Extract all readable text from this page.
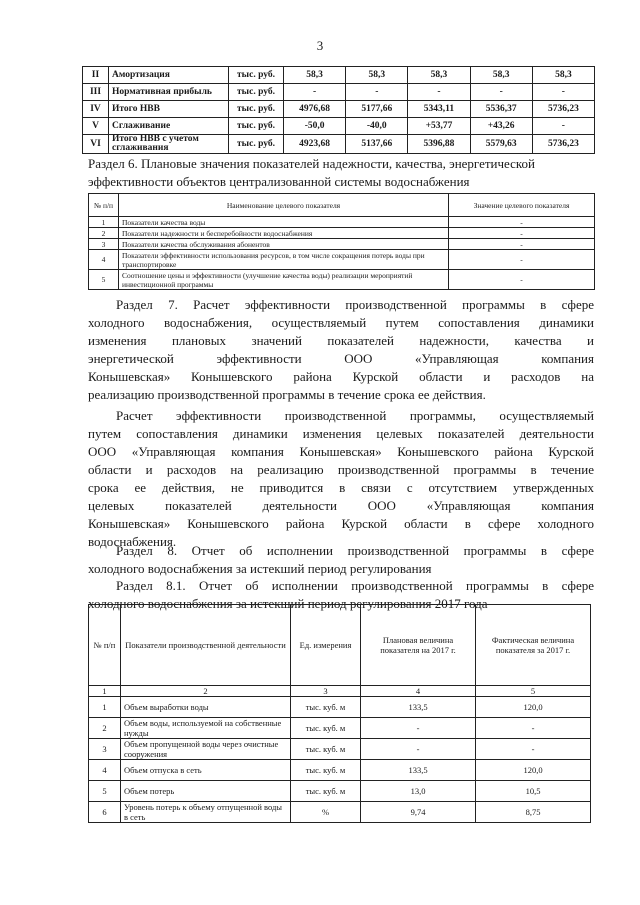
3
II	Амортизация	тыс. руб.	58,3	58,3	58,3	58,3	58,3
III	Нормативная прибыль	тыс. руб.	-	-	-	-	-
IV	Итого НВВ	тыс. руб.	4976,68	5177,66	5343,11	5536,37	5736,23
V	Сглаживание	тыс. руб.	-50,0	-40,0	+53,77	+43,26	-
VI	Итого НВВ с учетом сглаживания	тыс. руб.	4923,68	5137,66	5396,88	5579,63	5736,23
Раздел 6. Плановые значения показателей надежности, качества, энергетической
эффективности объектов централизованной системы водоснабжения
№ п/п	Наименование целевого показателя	Значение целевого показателя
1	Показатели качества воды	-
2	Показатели надежности и бесперебойности водоснабжения	-
3	Показатели качества обслуживания абонентов	-
4	Показатели эффективности использования ресурсов, в том числе сокращения потерь воды при транспортировке	-
5	Соотношение цены и эффективности (улучшение качества воды) реализации мероприятий инвестиционной программы	-
Раздел 7. Расчет эффективности производственной программы в сфере
холодного водоснабжения, осуществляемый путем сопоставления динамики
изменения плановых значений показателей надежности, качества и
энергетической эффективности ООО «Управляющая компания
Конышевская» Конышевского района Курской области и расходов на
реализацию производственной программы в течение срока ее действия.
Расчет эффективности производственной программы, осуществляемый
путем сопоставления динамики изменения целевых показателей деятельности
ООО «Управляющая компания Конышевская» Конышевского района Курской
области и расходов на реализацию производственной программы в течение
срока ее действия, не приводится в связи с отсутствием утвержденных
целевых показателей деятельности ООО «Управляющая компания
Конышевская» Конышевского района Курской области в сфере холодного
водоснабжения.
Раздел 8. Отчет об исполнении производственной программы в сфере
холодного водоснабжения за истекший период регулирования
Раздел 8.1. Отчет об исполнении производственной программы в сфере
холодного водоснабжения за истекший период регулирования 2017 года
№ п/п	Показатели производственной деятельности	Ед. измерения	Плановая величина показателя на 2017 г.	Фактическая величина показателя за 2017 г.
1	2	3	4	5
1	Объем выработки воды	тыс. куб. м	133,5	120,0
2	Объем воды, используемой на собственные нужды	тыс. куб. м	-	-
3	Объем пропущенной воды через очистные сооружения	тыс. куб. м	-	-
4	Объем отпуска в сеть	тыс. куб. м	133,5	120,0
5	Объем потерь	тыс. куб. м	13,0	10,5
6	Уровень потерь к объему отпущенной воды в сеть	%	9,74	8,75
